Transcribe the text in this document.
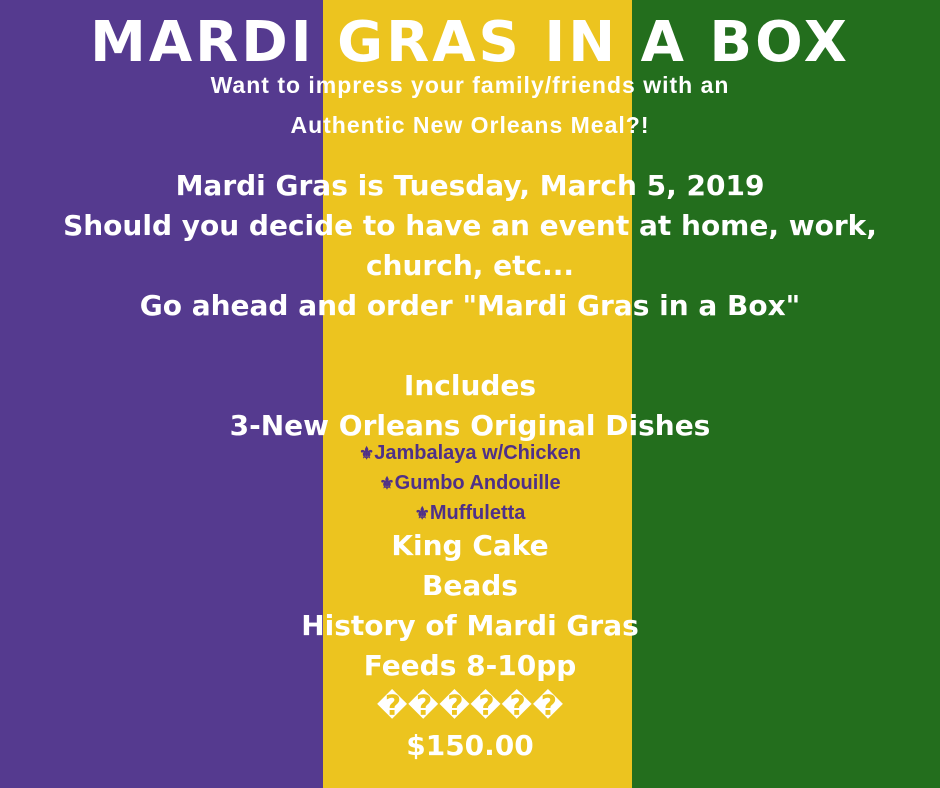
MARDI GRAS IN A BOX
Want to impress your family/friends with an
Authentic New Orleans Meal?!
Mardi Gras is Tuesday, March 5, 2019
Should you decide to have an event at home, work,
church, etc...
Go ahead and order "Mardi Gras in a Box"
Includes
3-New Orleans Original Dishes
⚜Jambalaya w/Chicken
⚜Gumbo Andouille
⚜Muffuletta
King Cake
Beads
History of Mardi Gras
Feeds 8-10pp
������
$150.00
